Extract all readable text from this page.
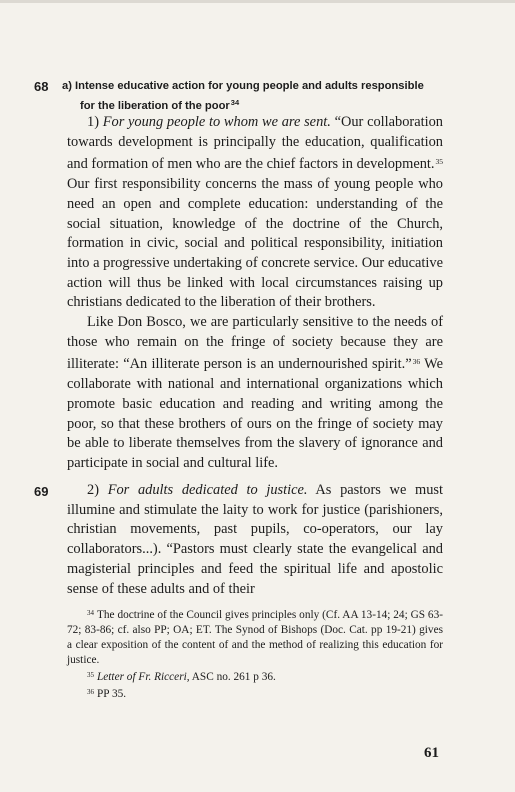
68 a) Intense educative action for young people and adults responsible
for the liberation of the poor$^{34}$

1) For young people to whom we are sent. “Our collaboration towards development is principally the education, qualification and formation of men who are the chief factors in development.$^{35}$ Our first responsibility concerns the mass of young people who need an open and complete education: understanding of the social situation, knowledge of the doctrine of the Church, formation in civic, social and political responsibility, initiation into a progressive undertaking of concrete service. Our educative action will thus be linked with local circumstances raising up christians dedicated to the liberation of their brothers.

Like Don Bosco, we are particularly sensitive to the needs of those who remain on the fringe of society because they are illiterate: “An illiterate person is an undernourished spirit.”$^{36}$ We collaborate with national and international organizations which promote basic education and reading and writing among the poor, so that these brothers of ours on the fringe of society may be able to liberate themselves from the slavery of ignorance and participate in social and cultural life.

69	2) For adults dedicated to justice. As pastors we must illumine and stimulate the laity to work for justice (parishioners, christian movements, past pupils, co-operators, our lay collaborators...). “Pastors must clearly state the evangelical and magisterial principles and feed the spiritual life and apostolic sense of these adults and of their

$^{34}$ The doctrine of the Council gives principles only (Cf. AA 13-14; 24; GS 63-72; 83-86; cf. also PP; OA; ET. The Synod of Bishops (Doc. Cat. pp 19-21) gives a clear exposition of the content of and the method of realizing this education for justice.

$^{35}$ Letter of Fr. Ricceri, ASC no. 261 p 36.

$^{36}$ PP 35.

61
